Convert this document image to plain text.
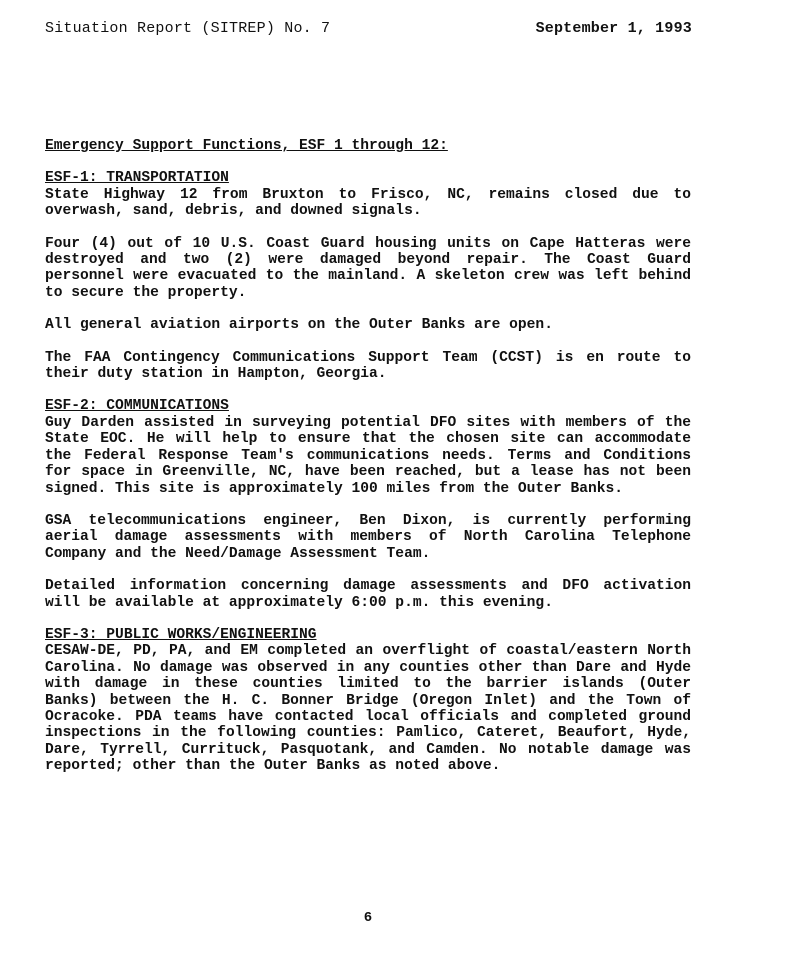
Situation Report (SITREP) No. 7	September 1, 1993
Emergency Support Functions, ESF 1 through 12:
ESF-1: TRANSPORTATION

State Highway 12 from Bruxton to Frisco, NC, remains closed due to overwash, sand, debris, and downed signals.

Four (4) out of 10 U.S. Coast Guard housing units on Cape Hatteras were destroyed and two (2) were damaged beyond repair. The Coast Guard personnel were evacuated to the mainland. A skeleton crew was left behind to secure the property.

All general aviation airports on the Outer Banks are open.

The FAA Contingency Communications Support Team (CCST) is en route to their duty station in Hampton, Georgia.

ESF-2: COMMUNICATIONS

Guy Darden assisted in surveying potential DFO sites with members of the State EOC. He will help to ensure that the chosen site can accommodate the Federal Response Team's communications needs. Terms and Conditions for space in Greenville, NC, have been reached, but a lease has not been signed. This site is approximately 100 miles from the Outer Banks.

GSA telecommunications engineer, Ben Dixon, is currently performing aerial damage assessments with members of North Carolina Telephone Company and the Need/Damage Assessment Team.

Detailed information concerning damage assessments and DFO activation will be available at approximately 6:00 p.m. this evening.

ESF-3: PUBLIC WORKS/ENGINEERING

CESAW-DE, PD, PA, and EM completed an overflight of coastal/eastern North Carolina. No damage was observed in any counties other than Dare and Hyde with damage in these counties limited to the barrier islands (Outer Banks) between the H. C. Bonner Bridge (Oregon Inlet) and the Town of Ocracoke. PDA teams have contacted local officials and completed ground inspections in the following counties: Pamlico, Cateret, Beaufort, Hyde, Dare, Tyrrell, Currituck, Pasquotank, and Camden. No notable damage was reported; other than the Outer Banks as noted above.

6
